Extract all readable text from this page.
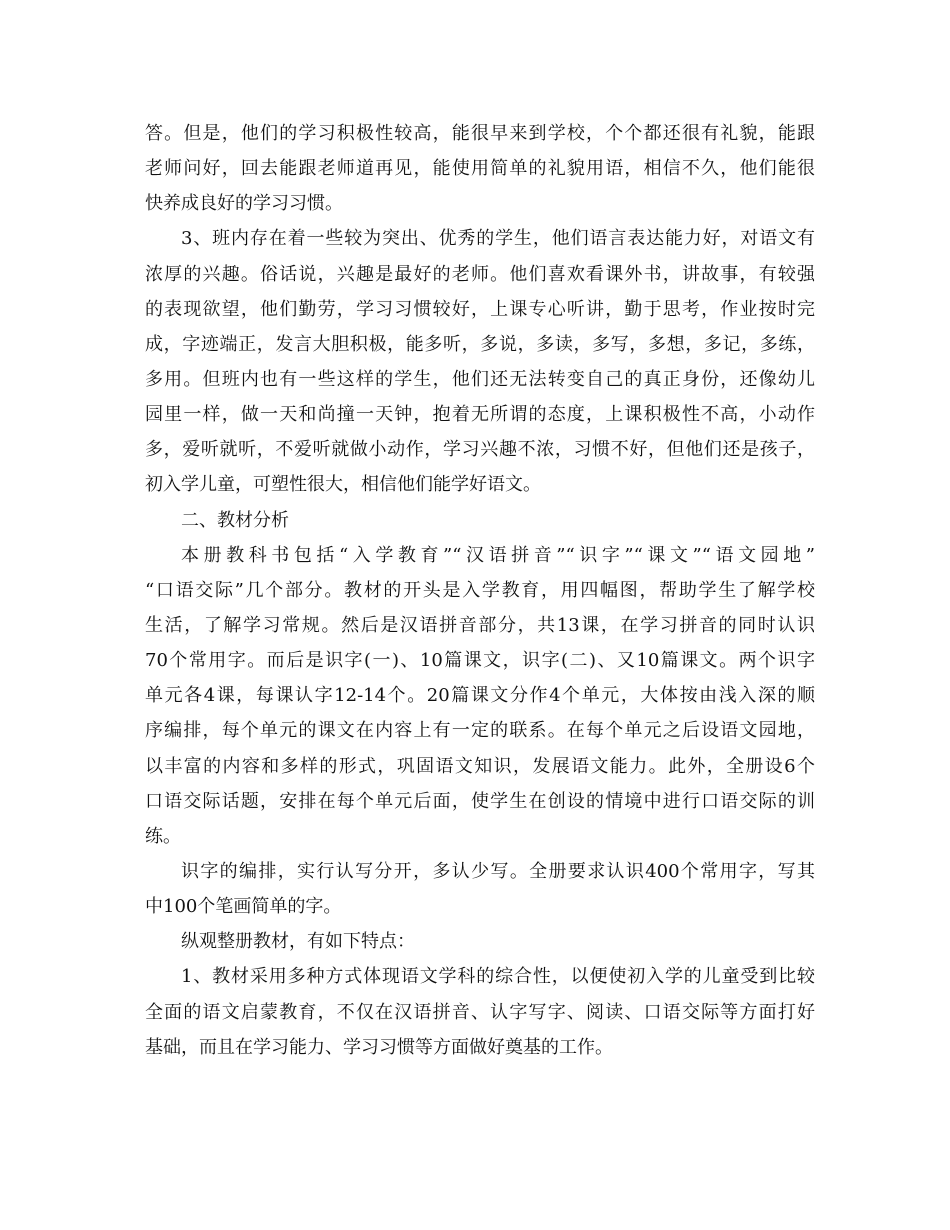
答。但是，他们的学习积极性较高，能很早来到学校，个个都还很有礼貌，能跟
老师问好，回去能跟老师道再见，能使用简单的礼貌用语，相信不久，他们能很
快养成良好的学习习惯。
3、班内存在着一些较为突出、优秀的学生，他们语言表达能力好，对语文有
浓厚的兴趣。俗话说，兴趣是最好的老师。他们喜欢看课外书，讲故事，有较强
的表现欲望，他们勤劳，学习习惯较好，上课专心听讲，勤于思考，作业按时完
成，字迹端正，发言大胆积极，能多听，多说，多读，多写，多想，多记，多练，
多用。但班内也有一些这样的学生，他们还无法转变自己的真正身份，还像幼儿
园里一样，做一天和尚撞一天钟，抱着无所谓的态度，上课积极性不高，小动作
多，爱听就听，不爱听就做小动作，学习兴趣不浓，习惯不好，但他们还是孩子，
初入学儿童，可塑性很大，相信他们能学好语文。
二、教材分析
本册教科书包括“入学教育”“汉语拼音”“识字”“课文”“语文园地”
“口语交际”几个部分。教材的开头是入学教育，用四幅图，帮助学生了解学校
生活，了解学习常规。然后是汉语拼音部分，共13课，在学习拼音的同时认识
70个常用字。而后是识字(一)、10篇课文，识字(二)、又10篇课文。两个识字
单元各4课，每课认字12-14个。20篇课文分作4个单元，大体按由浅入深的顺
序编排，每个单元的课文在内容上有一定的联系。在每个单元之后设语文园地，
以丰富的内容和多样的形式，巩固语文知识，发展语文能力。此外，全册设6个
口语交际话题，安排在每个单元后面，使学生在创设的情境中进行口语交际的训
练。
识字的编排，实行认写分开，多认少写。全册要求认识400个常用字，写其
中100个笔画简单的字。
纵观整册教材，有如下特点：
1、教材采用多种方式体现语文学科的综合性，以便使初入学的儿童受到比较
全面的语文启蒙教育，不仅在汉语拼音、认字写字、阅读、口语交际等方面打好
基础，而且在学习能力、学习习惯等方面做好奠基的工作。
